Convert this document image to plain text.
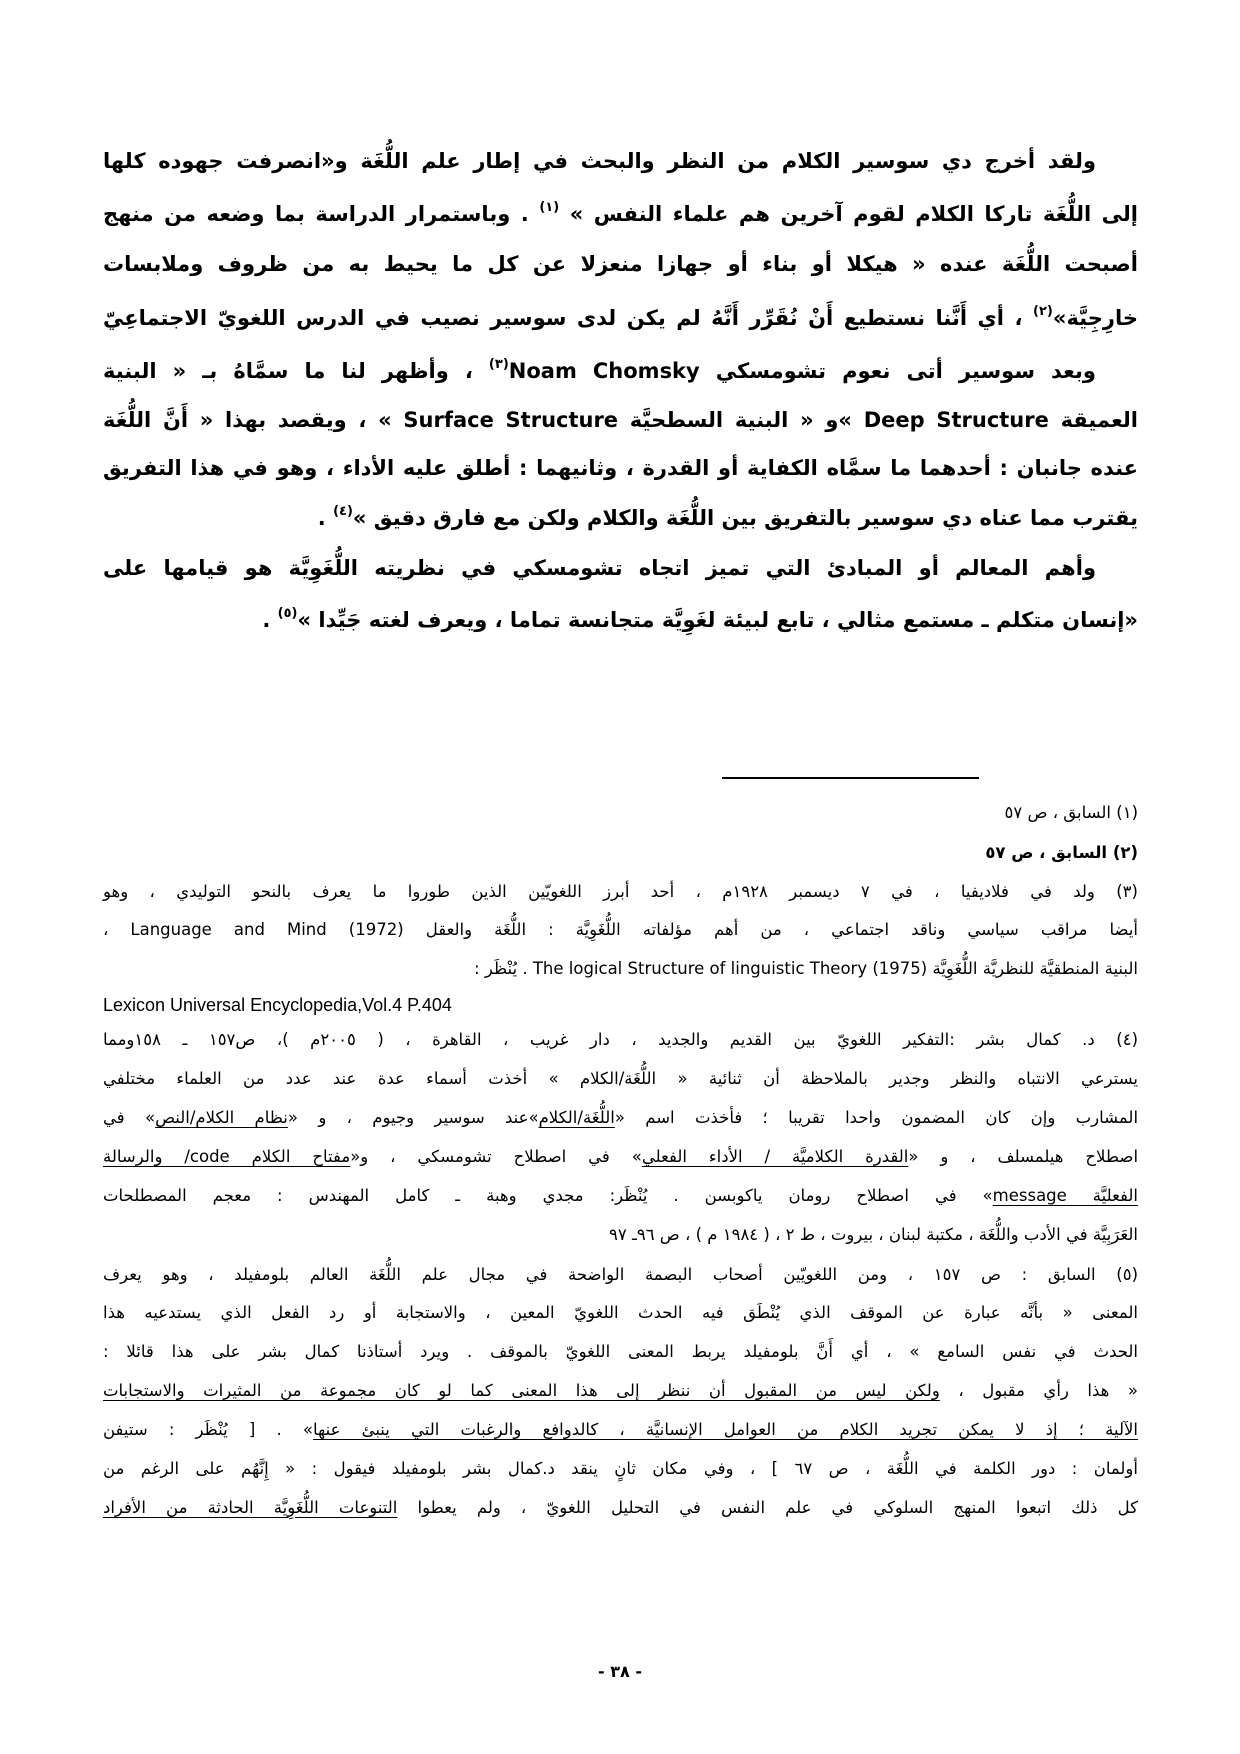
ولقد أخرج دي سوسير الكلام من النظر والبحث في إطار علم اللُّغَة و«انصرفت جهوده كلها
إلى اللُّغَة تاركا الكلام لقوم آخرين هم علماء النفس » $^{(١)}$ . وباستمرار الدراسة بما وضعه من منهج
أصبحت اللُّغَة عنده « هيكلا أو بناء أو جهازا منعزلا عن كل ما يحيط به من ظروف وملابسات
خارِجِيَّة»$^{(٢)}$ ، أي أَنَّنا نستطيع أَنْ نُقَرِّر أَنَّهُ لم يكن لدى سوسير نصيب في الدرس اللغويّ الاجتماعِيّ
وبعد سوسير أتى نعوم تشومسكي Noam Chomsky$^{(٣)}$ ، وأظهر لنا ما سمَّاهُ بـ « البنية
العميقة Deep Structure »و « البنية السطحيَّة Surface Structure » ، ويقصد بهذا « أَنَّ اللُّغَة
عنده جانبان : أحدهما ما سمَّاه الكفاية أو القدرة ، وثانيهما : أطلق عليه الأداء ، وهو في هذا التفريق
يقترب مما عناه دي سوسير بالتفريق بين اللُّغَة والكلام ولكن مع فارق دقيق »$^{(٤)}$ .
وأهم المعالم أو المبادئ التي تميز اتجاه تشومسكي في نظريته اللُّغَوِيَّة هو قيامها على
«إنسان متكلم ـ مستمع مثالي ، تابع لبيئة لغَوِيَّة متجانسة تماما ، ويعرف لغته جَيِّدا »$^{(٥)}$ .
(١) السابق ، ص ٥٧
(٢) السابق ، ص ٥٧
(٣) ولد في فلاديفيا ، في ٧ ديسمبر ١٩٢٨م ، أحد أبرز اللغويّين الذين طوروا ما يعرف بالنحو التوليدي ، وهو
أيضا مراقب سياسي وناقد اجتماعي ، من أهم مؤلفاته اللُّغَوِيَّة : اللُّغَة والعقل (1972) Language and Mind ،
البنية المنطقيَّة للنظريَّة اللُّغَوِيَّة (1975) The logical Structure of linguistic Theory . يُنْظَر :
Lexicon Universal Encyclopedia,Vol.4 P.404
(٤) د. كمال بشر :التفكير اللغويّ بين القديم والجديد ، دار غريب ، القاهرة ، ( ٢٠٠٥م )، ص١٥٧ ـ ١٥٨ومما
يسترعي الانتباه والنظر وجدير بالملاحظة أن ثنائية « اللُّغَة/الكلام » أخذت أسماء عدة عند عدد من العلماء مختلفي
المشارب وإن كان المضمون واحدا تقريبا ؛ فأخذت اسم «اللُّغَة/الكلام»عند سوسير وجيوم ، و «نظام الكلام/النص» في
اصطلاح هيلمسلف ، و «القدرة الكلاميَّة / الأداء الفعلي» في اصطلاح تشومسكي ، و«مفتاح الكلام code/ والرسالة
الفعليَّة message» في اصطلاح رومان ياكوبسن . يُنْظَر: مجدي وهبة ـ كامل المهندس : معجم المصطلحات
العَرَبِيَّة في الأدب واللُّغَة ، مكتبة لبنان ، بيروت ، ط ٢ ، ( ١٩٨٤ م ) ، ص ٩٦ـ ٩٧
(٥) السابق : ص ١٥٧ ، ومن اللغويّين أصحاب البصمة الواضحة في مجال علم اللُّغَة العالم بلومفيلد ، وهو يعرف
المعنى « بأنَّه عبارة عن الموقف الذي يُنْطَق فيه الحدث اللغويّ المعين ، والاستجابة أو رد الفعل الذي يستدعيه هذا
الحدث في نفس السامع » ، أي أَنَّ بلومفيلد يربط المعنى اللغويّ بالموقف . ويرد أستاذنا كمال بشر على هذا قائلا :
« هذا رأي مقبول ، ولكن ليس من المقبول أن ننظر إلى هذا المعنى كما لو كان مجموعة من المثيرات والاستجابات
الآلية ؛ إذ لا يمكن تجريد الكلام من العوامل الإنسانيَّة ، كالدوافع والرغبات التي ينبئ عنها» . [ يُنْظَر : ستيفن
أولمان : دور الكلمة في اللُّغَة ، ص ٦٧ ] ، وفي مكان ثانٍ ينقد د.كمال بشر بلومفيلد فيقول : « إِنَّهُم على الرغم من
كل ذلك اتبعوا المنهج السلوكي في علم النفس في التحليل اللغويّ ، ولم يعطوا التنوعات اللُّغَوِيَّة الحادثة من الأفراد
- ٣٨ -
